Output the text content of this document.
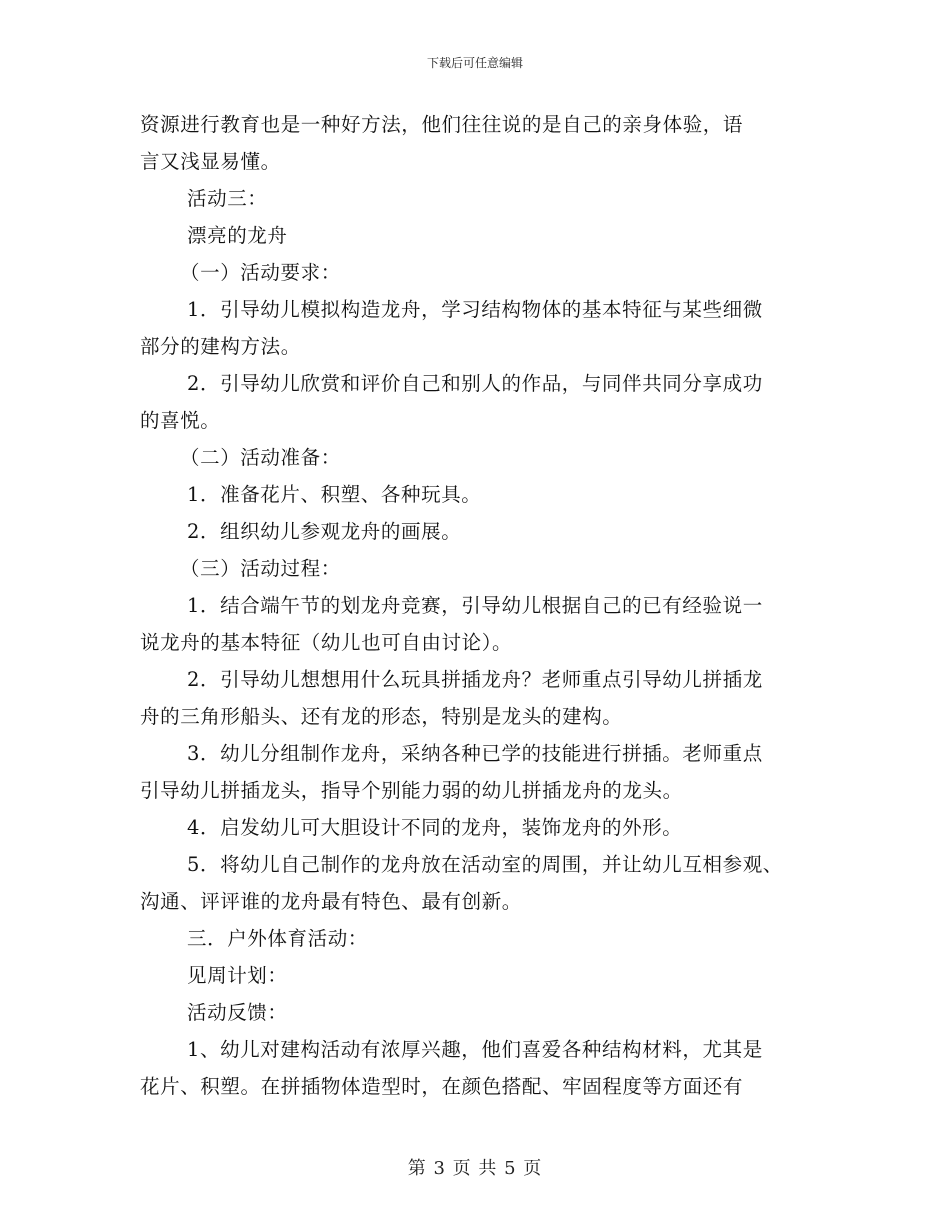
下载后可任意编辑
资源进行教育也是一种好方法，他们往往说的是自己的亲身体验，语
言又浅显易懂。
活动三：
漂亮的龙舟
（一）活动要求：
1．引导幼儿模拟构造龙舟，学习结构物体的基本特征与某些细微
部分的建构方法。
2．引导幼儿欣赏和评价自己和别人的作品，与同伴共同分享成功
的喜悦。
（二）活动准备：
1．准备花片、积塑、各种玩具。
2．组织幼儿参观龙舟的画展。
（三）活动过程：
1．结合端午节的划龙舟竞赛，引导幼儿根据自己的已有经验说一
说龙舟的基本特征（幼儿也可自由讨论）。
2．引导幼儿想想用什么玩具拼插龙舟？老师重点引导幼儿拼插龙
舟的三角形船头、还有龙的形态，特别是龙头的建构。
3．幼儿分组制作龙舟，采纳各种已学的技能进行拼插。老师重点
引导幼儿拼插龙头，指导个别能力弱的幼儿拼插龙舟的龙头。
4．启发幼儿可大胆设计不同的龙舟，装饰龙舟的外形。
5．将幼儿自己制作的龙舟放在活动室的周围，并让幼儿互相参观、
沟通、评评谁的龙舟最有特色、最有创新。
三．户外体育活动：
见周计划：
活动反馈：
1、幼儿对建构活动有浓厚兴趣，他们喜爱各种结构材料，尤其是
花片、积塑。在拼插物体造型时，在颜色搭配、牢固程度等方面还有
第 3 页 共 5 页
